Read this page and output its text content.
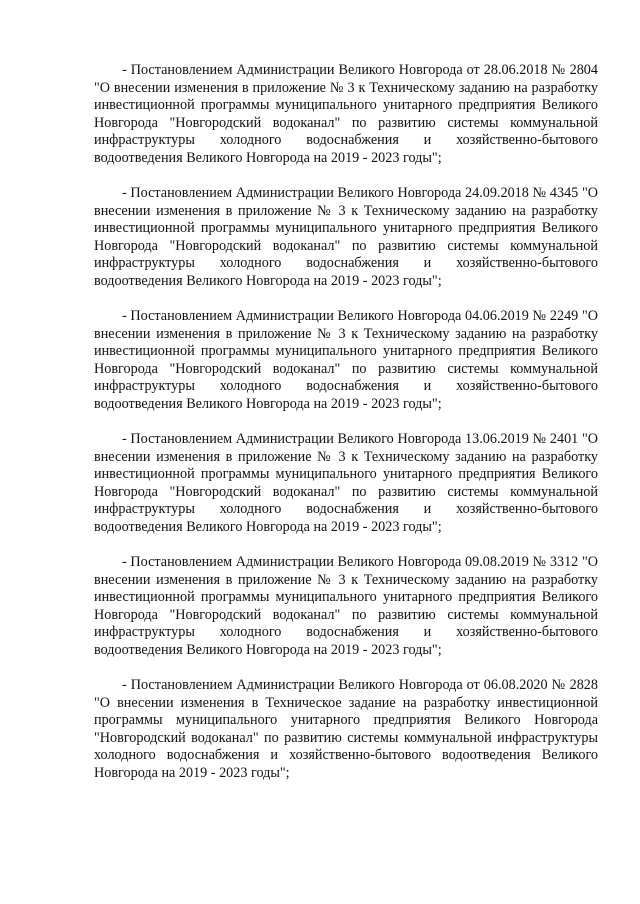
- Постановлением Администрации Великого Новгорода от 28.06.2018 № 2804 "О внесении изменения в приложение № 3 к Техническому заданию на разработку инвестиционной программы муниципального унитарного предприятия Великого Новгорода "Новгородский водоканал" по развитию системы коммунальной инфраструктуры холодного водоснабжения и хозяйственно-бытового водоотведения Великого Новгорода на 2019 - 2023 годы";

- Постановлением Администрации Великого Новгорода 24.09.2018 № 4345 "О внесении изменения в приложение № 3 к Техническому заданию на разработку инвестиционной программы муниципального унитарного предприятия Великого Новгорода "Новгородский водоканал" по развитию системы коммунальной инфраструктуры холодного водоснабжения и хозяйственно-бытового водоотведения Великого Новгорода на 2019 - 2023 годы";

- Постановлением Администрации Великого Новгорода 04.06.2019 № 2249 "О внесении изменения в приложение № 3 к Техническому заданию на разработку инвестиционной программы муниципального унитарного предприятия Великого Новгорода "Новгородский водоканал" по развитию системы коммунальной инфраструктуры холодного водоснабжения и хозяйственно-бытового водоотведения Великого Новгорода на 2019 - 2023 годы";

- Постановлением Администрации Великого Новгорода 13.06.2019 № 2401 "О внесении изменения в приложение № 3 к Техническому заданию на разработку инвестиционной программы муниципального унитарного предприятия Великого Новгорода "Новгородский водоканал" по развитию системы коммунальной инфраструктуры холодного водоснабжения и хозяйственно-бытового водоотведения Великого Новгорода на 2019 - 2023 годы";

- Постановлением Администрации Великого Новгорода 09.08.2019 № 3312 "О внесении изменения в приложение № 3 к Техническому заданию на разработку инвестиционной программы муниципального унитарного предприятия Великого Новгорода "Новгородский водоканал" по развитию системы коммунальной инфраструктуры холодного водоснабжения и хозяйственно-бытового водоотведения Великого Новгорода на 2019 - 2023 годы";

- Постановлением Администрации Великого Новгорода от 06.08.2020 № 2828 "О внесении изменения в Техническое задание на разработку инвестиционной программы муниципального унитарного предприятия Великого Новгорода "Новгородский водоканал" по развитию системы коммунальной инфраструктуры холодного водоснабжения и хозяйственно-бытового водоотведения Великого Новгорода на 2019 - 2023 годы";
